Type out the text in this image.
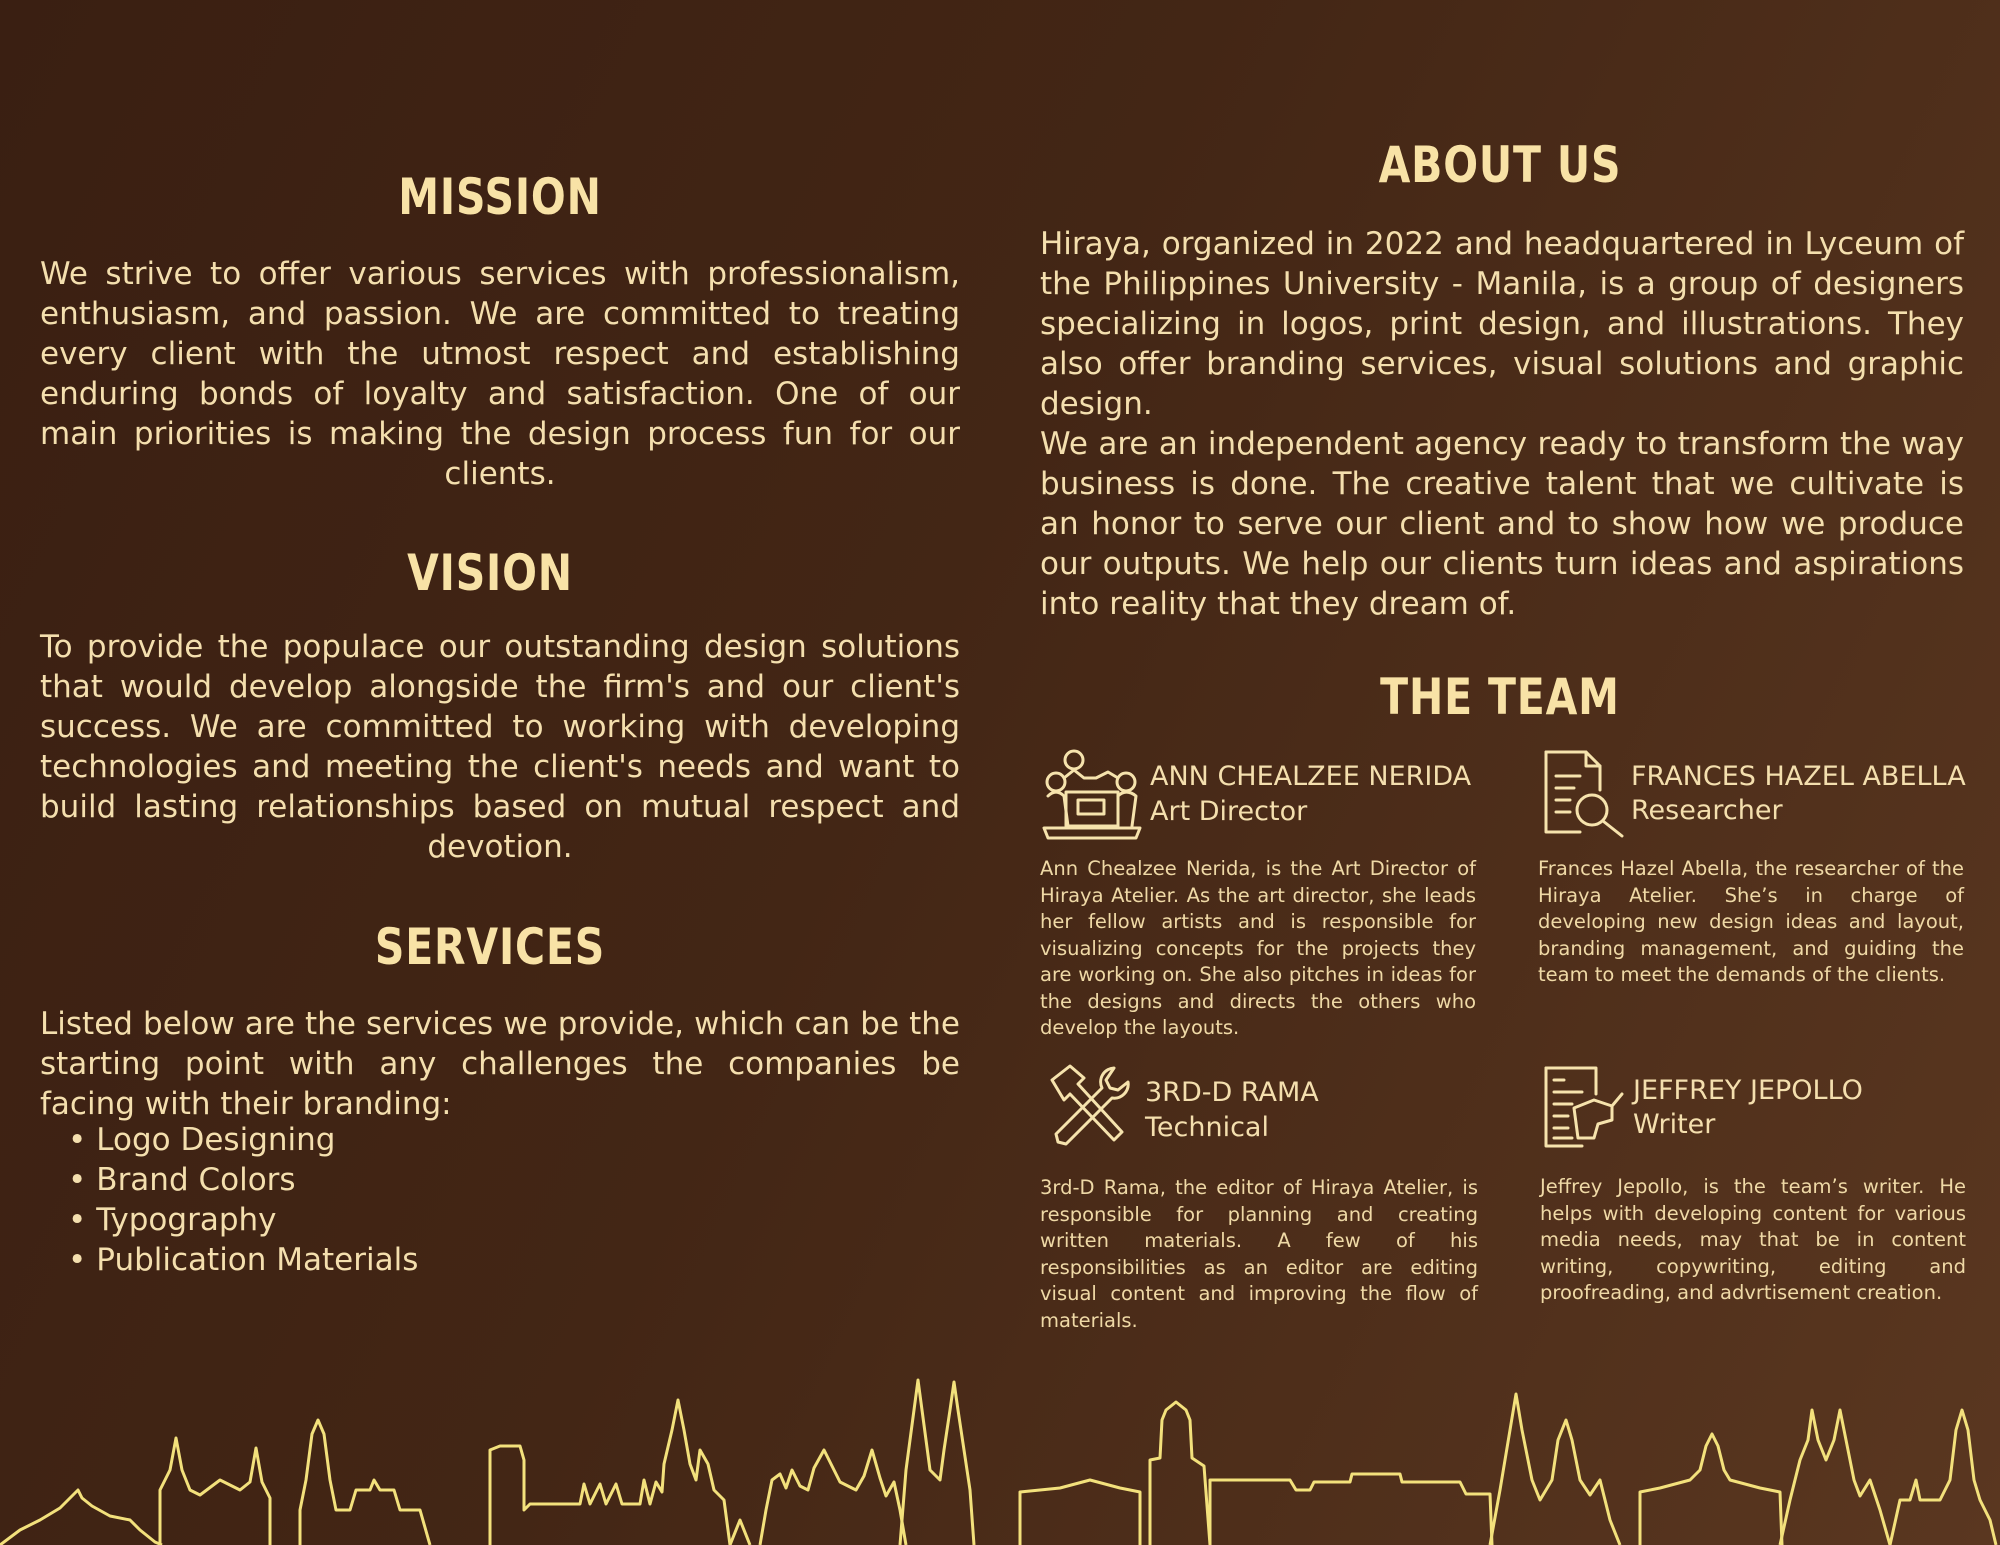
MISSION

We strive to offer various services with professionalism, enthusiasm, and passion. We are committed to treating every client with the utmost respect and establishing enduring bonds of loyalty and satisfaction. One of our main priorities is making the design process fun for our clients.

VISION

To provide the populace our outstanding design solutions that would develop alongside the firm's and our client's success. We are committed to working with developing technologies and meeting the client's needs and want to build lasting relationships based on mutual respect and devotion.

SERVICES

Listed below are the services we provide, which can be the starting point with any challenges the companies be facing with their branding:

• Logo Designing
• Brand Colors
• Typography
• Publication Materials
ABOUT US

Hiraya, organized in 2022 and headquartered in Lyceum of the Philippines University - Manila, is a group of designers specializing in logos, print design, and illustrations. They also offer branding services, visual solutions and graphic design.

We are an independent agency ready to transform the way business is done. The creative talent that we cultivate is an honor to serve our client and to show how we produce our outputs. We help our clients turn ideas and aspirations into reality that they dream of.

THE TEAM
ANN CHEALZEE NERIDA
Art Director

Ann Chealzee Nerida, is the Art Director of Hiraya Atelier. As the art director, she leads her fellow artists and is responsible for visualizing concepts for the projects they are working on. She also pitches in ideas for the designs and directs the others who develop the layouts.

FRANCES HAZEL ABELLA
Researcher

Frances Hazel Abella, the researcher of the Hiraya Atelier. She’s in charge of developing new design ideas and layout, branding management, and guiding the team to meet the demands of the clients.

3RD-D RAMA
Technical

3rd-D Rama, the editor of Hiraya Atelier, is responsible for planning and creating written materials. A few of his responsibilities as an editor are editing visual content and improving the flow of materials.

JEFFREY JEPOLLO
Writer

Jeffrey Jepollo, is the team’s writer. He helps with developing content for various media needs, may that be in content writing, copywriting, editing and proofreading, and advrtisement creation.
